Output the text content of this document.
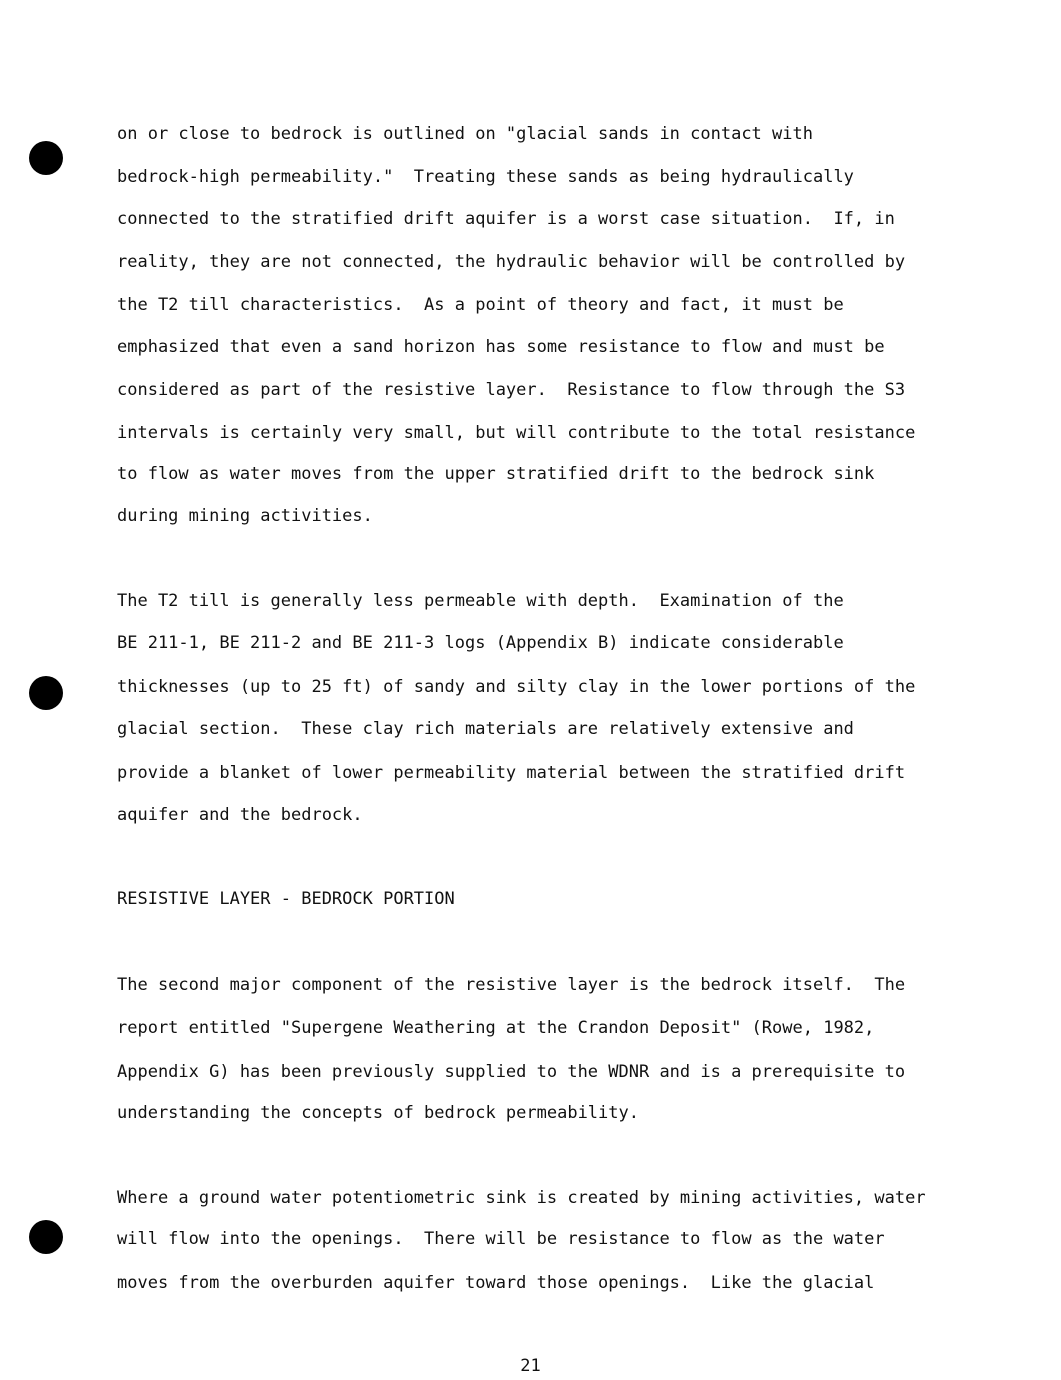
on or close to bedrock is outlined on "glacial sands in contact with

bedrock-high permeability."  Treating these sands as being hydraulically

connected to the stratified drift aquifer is a worst case situation.  If, in

reality, they are not connected, the hydraulic behavior will be controlled by

the T2 till characteristics.  As a point of theory and fact, it must be

emphasized that even a sand horizon has some resistance to flow and must be

considered as part of the resistive layer.  Resistance to flow through the S3

intervals is certainly very small, but will contribute to the total resistance

to flow as water moves from the upper stratified drift to the bedrock sink

during mining activities.

The T2 till is generally less permeable with depth.  Examination of the

BE 211-1, BE 211-2 and BE 211-3 logs (Appendix B) indicate considerable

thicknesses (up to 25 ft) of sandy and silty clay in the lower portions of the

glacial section.  These clay rich materials are relatively extensive and

provide a blanket of lower permeability material between the stratified drift

aquifer and the bedrock.

RESISTIVE LAYER - BEDROCK PORTION

The second major component of the resistive layer is the bedrock itself.  The

report entitled "Supergene Weathering at the Crandon Deposit" (Rowe, 1982,

Appendix G) has been previously supplied to the WDNR and is a prerequisite to

understanding the concepts of bedrock permeability.

Where a ground water potentiometric sink is created by mining activities, water

will flow into the openings.  There will be resistance to flow as the water

moves from the overburden aquifer toward those openings.  Like the glacial

21
